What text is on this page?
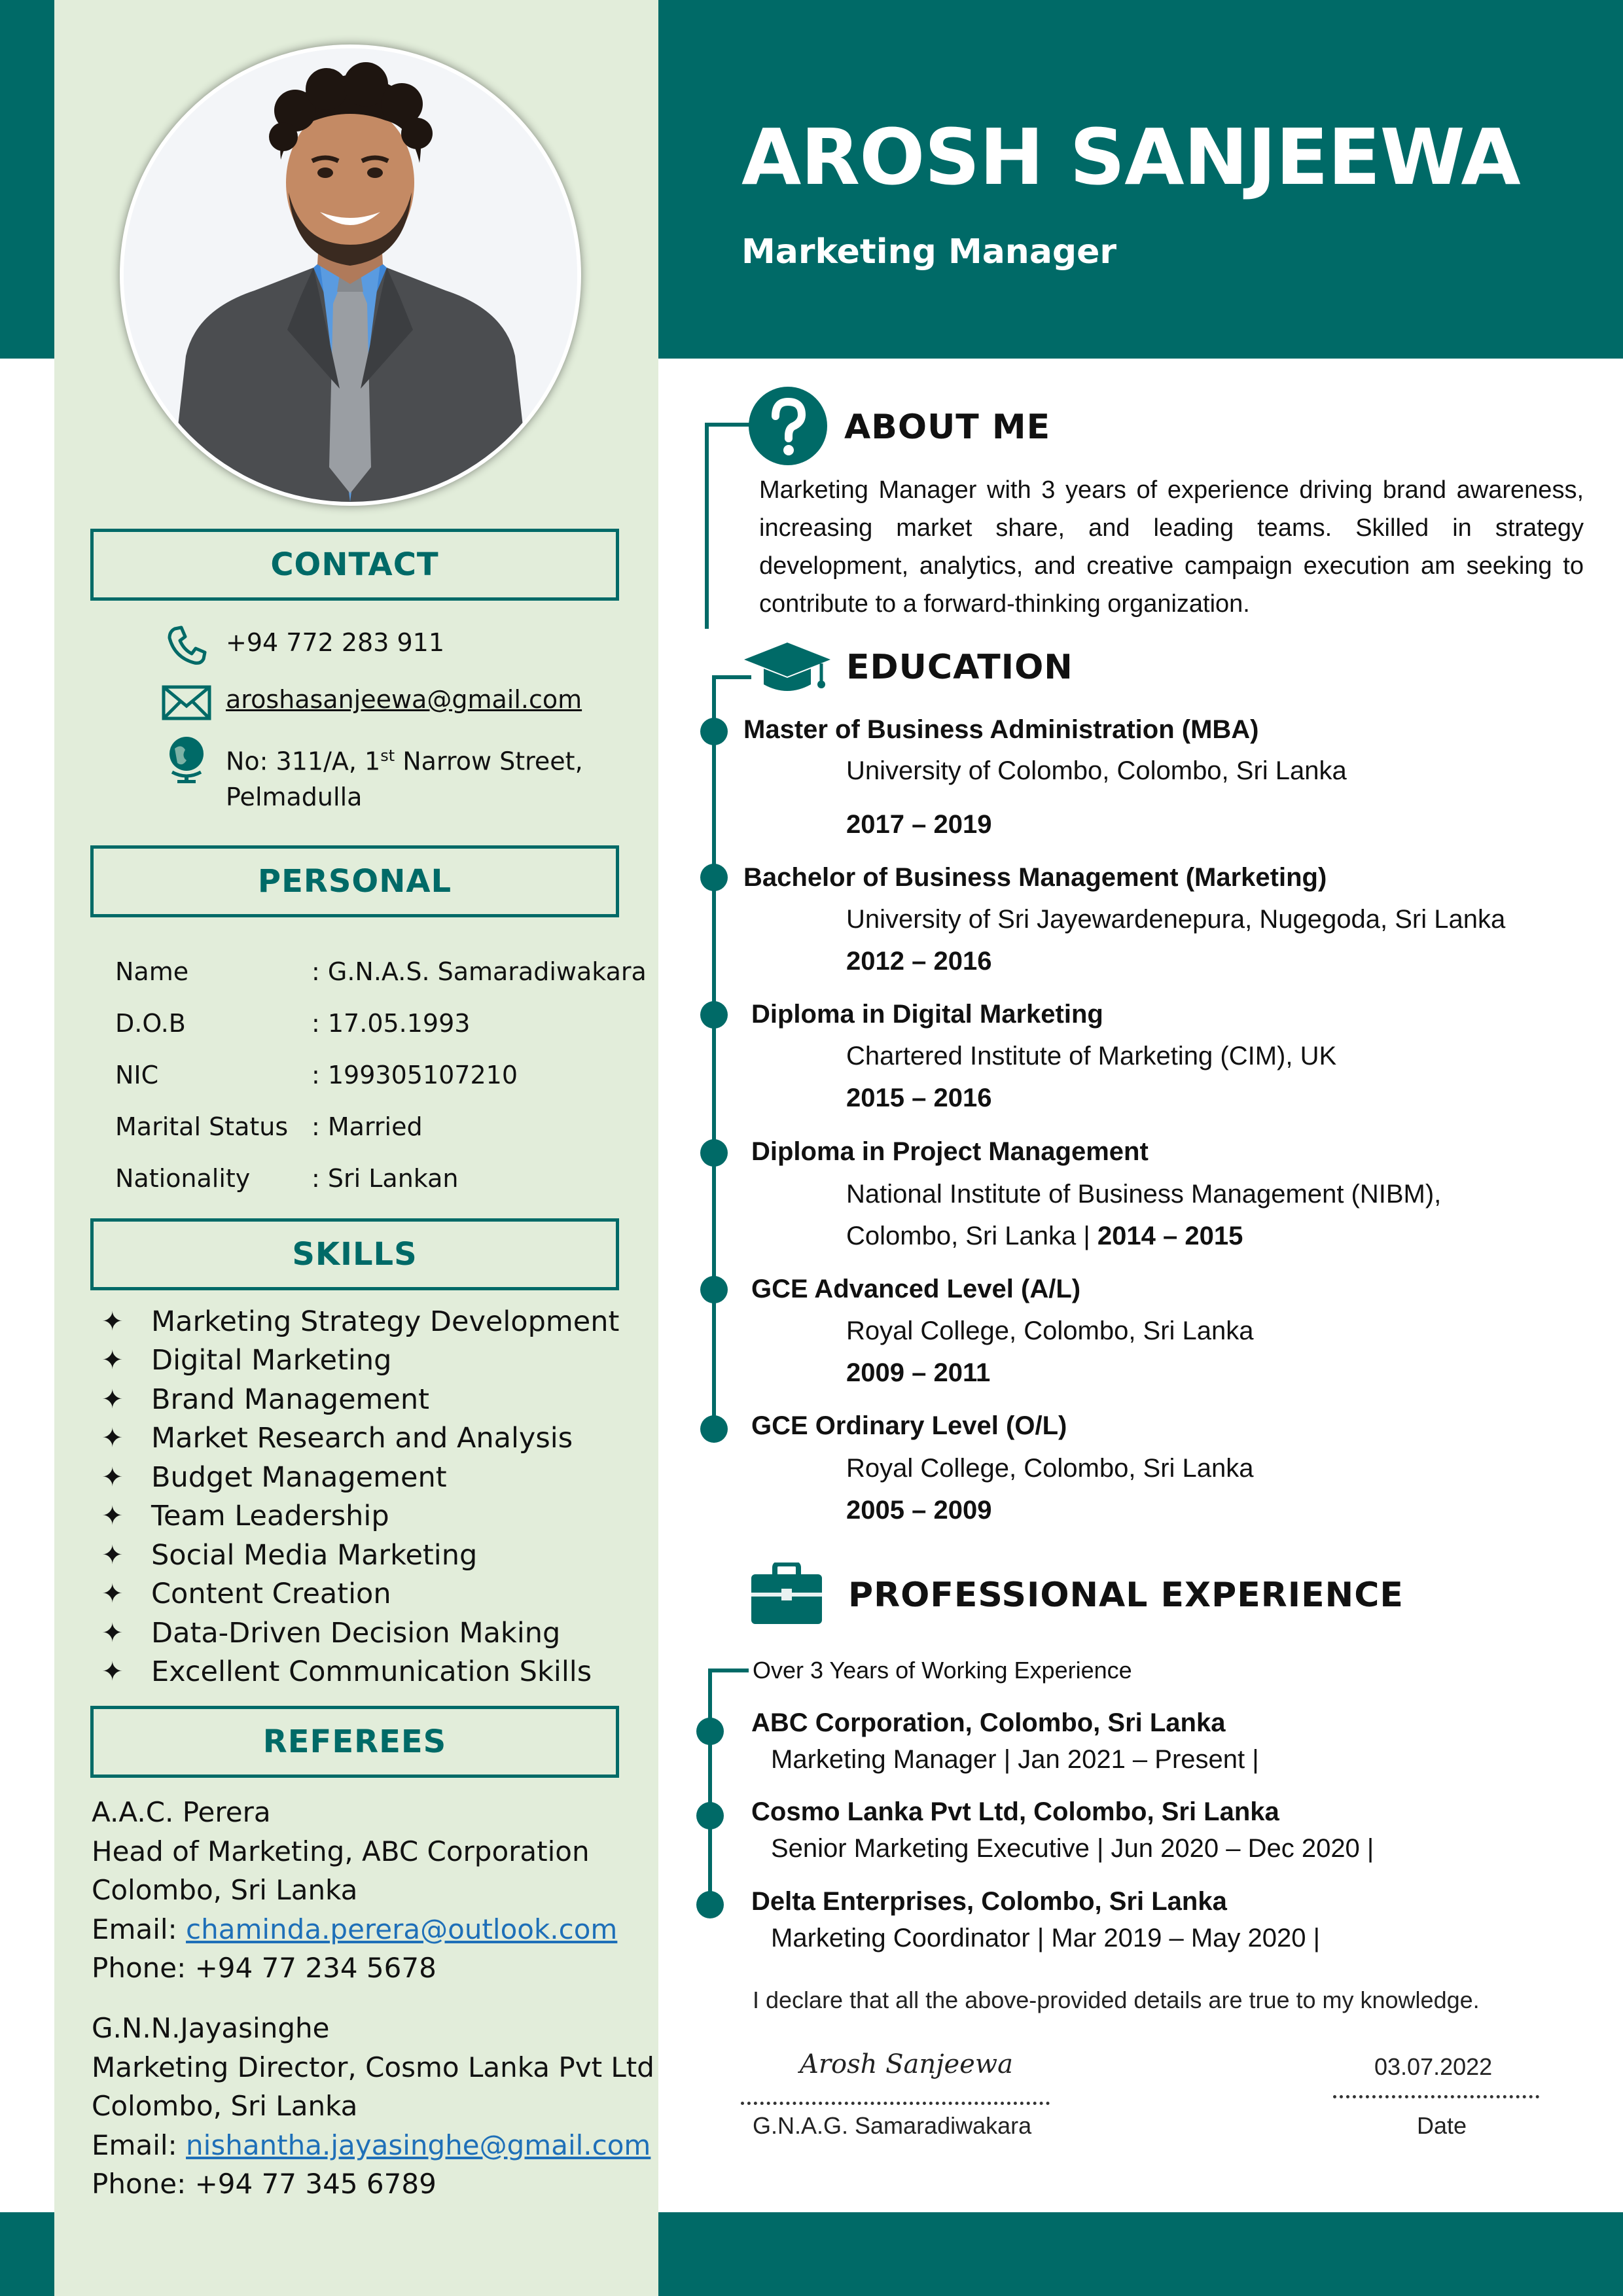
CONTACT
+94 772 283 911
aroshasanjeewa@gmail.com
No: 311/A, 1st Narrow Street,
Pelmadulla
PERSONAL
Name	: G.N.A.S. Samaradiwakara
D.O.B	: 17.05.1993
NIC	: 199305107210
Marital Status : Married
Nationality	: Sri Lankan
SKILLS
✦ Marketing Strategy Development
✦ Digital Marketing
✦ Brand Management
✦ Market Research and Analysis
✦ Budget Management
✦ Team Leadership
✦ Social Media Marketing
✦ Content Creation
✦ Data-Driven Decision Making
✦ Excellent Communication Skills
REFEREES
A.A.C. Perera
Head of Marketing, ABC Corporation
Colombo, Sri Lanka
Email: chaminda.perera@outlook.com
Phone: +94 77 234 5678
G.N.N.Jayasinghe
Marketing Director, Cosmo Lanka Pvt Ltd
Colombo, Sri Lanka
Email: nishantha.jayasinghe@gmail.com
Phone: +94 77 345 6789
AROSH SANJEEWA
Marketing Manager
ABOUT ME
Marketing Manager with 3 years of experience driving brand awareness, increasing market share, and leading teams. Skilled in strategy development, analytics, and creative campaign execution am seeking to contribute to a forward-thinking organization.
EDUCATION
Master of Business Administration (MBA)
University of Colombo, Colombo, Sri Lanka
2017 – 2019
Bachelor of Business Management (Marketing)
University of Sri Jayewardenepura, Nugegoda, Sri Lanka
2012 – 2016
Diploma in Digital Marketing
Chartered Institute of Marketing (CIM), UK
2015 – 2016
Diploma in Project Management
National Institute of Business Management (NIBM),
Colombo, Sri Lanka | 2014 – 2015
GCE Advanced Level (A/L)
Royal College, Colombo, Sri Lanka
2009 – 2011
GCE Ordinary Level (O/L)
Royal College, Colombo, Sri Lanka
2005 – 2009
PROFESSIONAL EXPERIENCE
Over 3 Years of Working Experience
ABC Corporation, Colombo, Sri Lanka
Marketing Manager | Jan 2021 – Present |
Cosmo Lanka Pvt Ltd, Colombo, Sri Lanka
Senior Marketing Executive | Jun 2020 – Dec 2020 |
Delta Enterprises, Colombo, Sri Lanka
Marketing Coordinator | Mar 2019 – May 2020 |
I declare that all the above-provided details are true to my knowledge.
Arosh Sanjeewa	03.07.2022
G.N.A.G. Samaradiwakara	Date
